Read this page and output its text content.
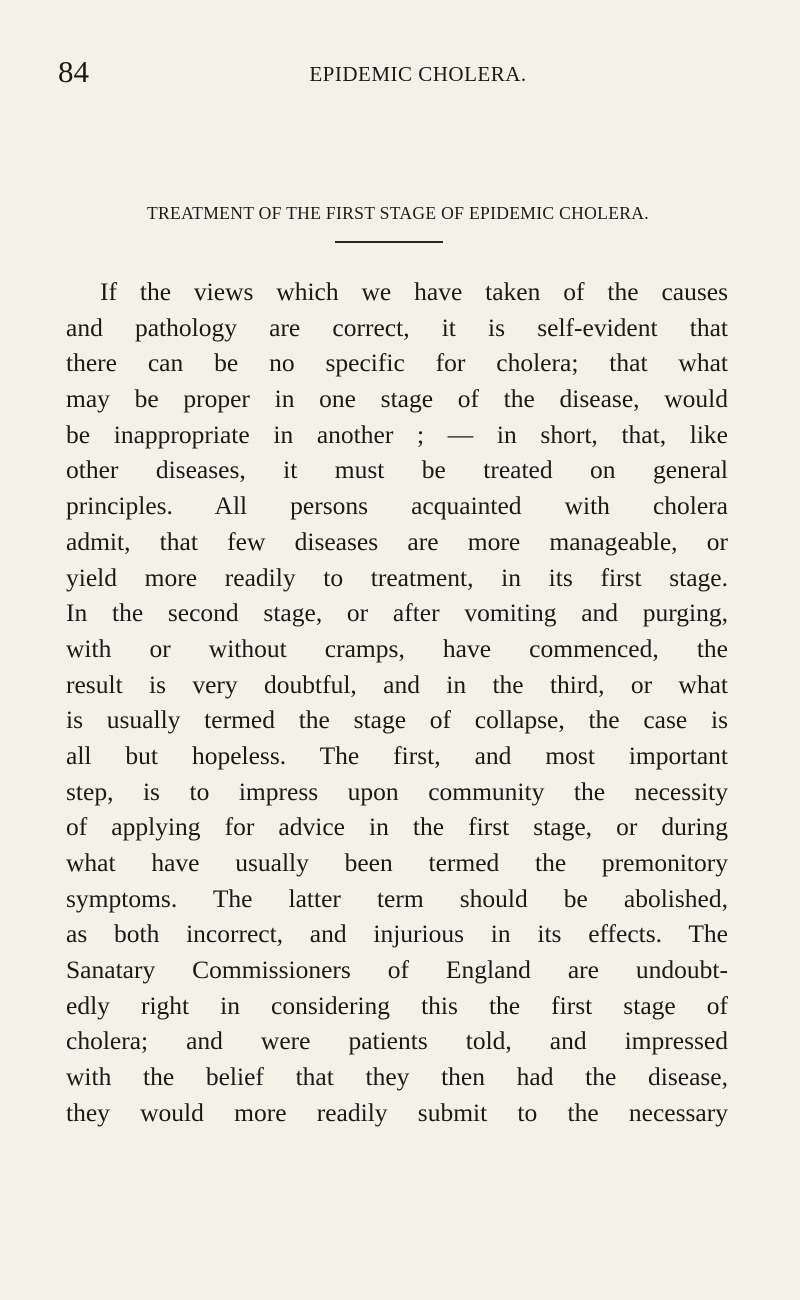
84	EPIDEMIC CHOLERA.
TREATMENT OF THE FIRST STAGE OF EPIDEMIC CHOLERA.
If the views which we have taken of the causes
and pathology are correct, it is self-evident that
there can be no specific for cholera; that what
may be proper in one stage of the disease, would
be inappropriate in another ; — in short, that, like
other diseases, it must be treated on general
principles. All persons acquainted with cholera
admit, that few diseases are more manageable, or
yield more readily to treatment, in its first stage.
In the second stage, or after vomiting and purging,
with or without cramps, have commenced, the
result is very doubtful, and in the third, or what
is usually termed the stage of collapse, the case is
all but hopeless. The first, and most important
step, is to impress upon community the necessity
of applying for advice in the first stage, or during
what have usually been termed the premonitory
symptoms. The latter term should be abolished,
as both incorrect, and injurious in its effects. The
Sanatary Commissioners of England are undoubt-
edly right in considering this the first stage of
cholera; and were patients told, and impressed
with the belief that they then had the disease,
they would more readily submit to the necessary
